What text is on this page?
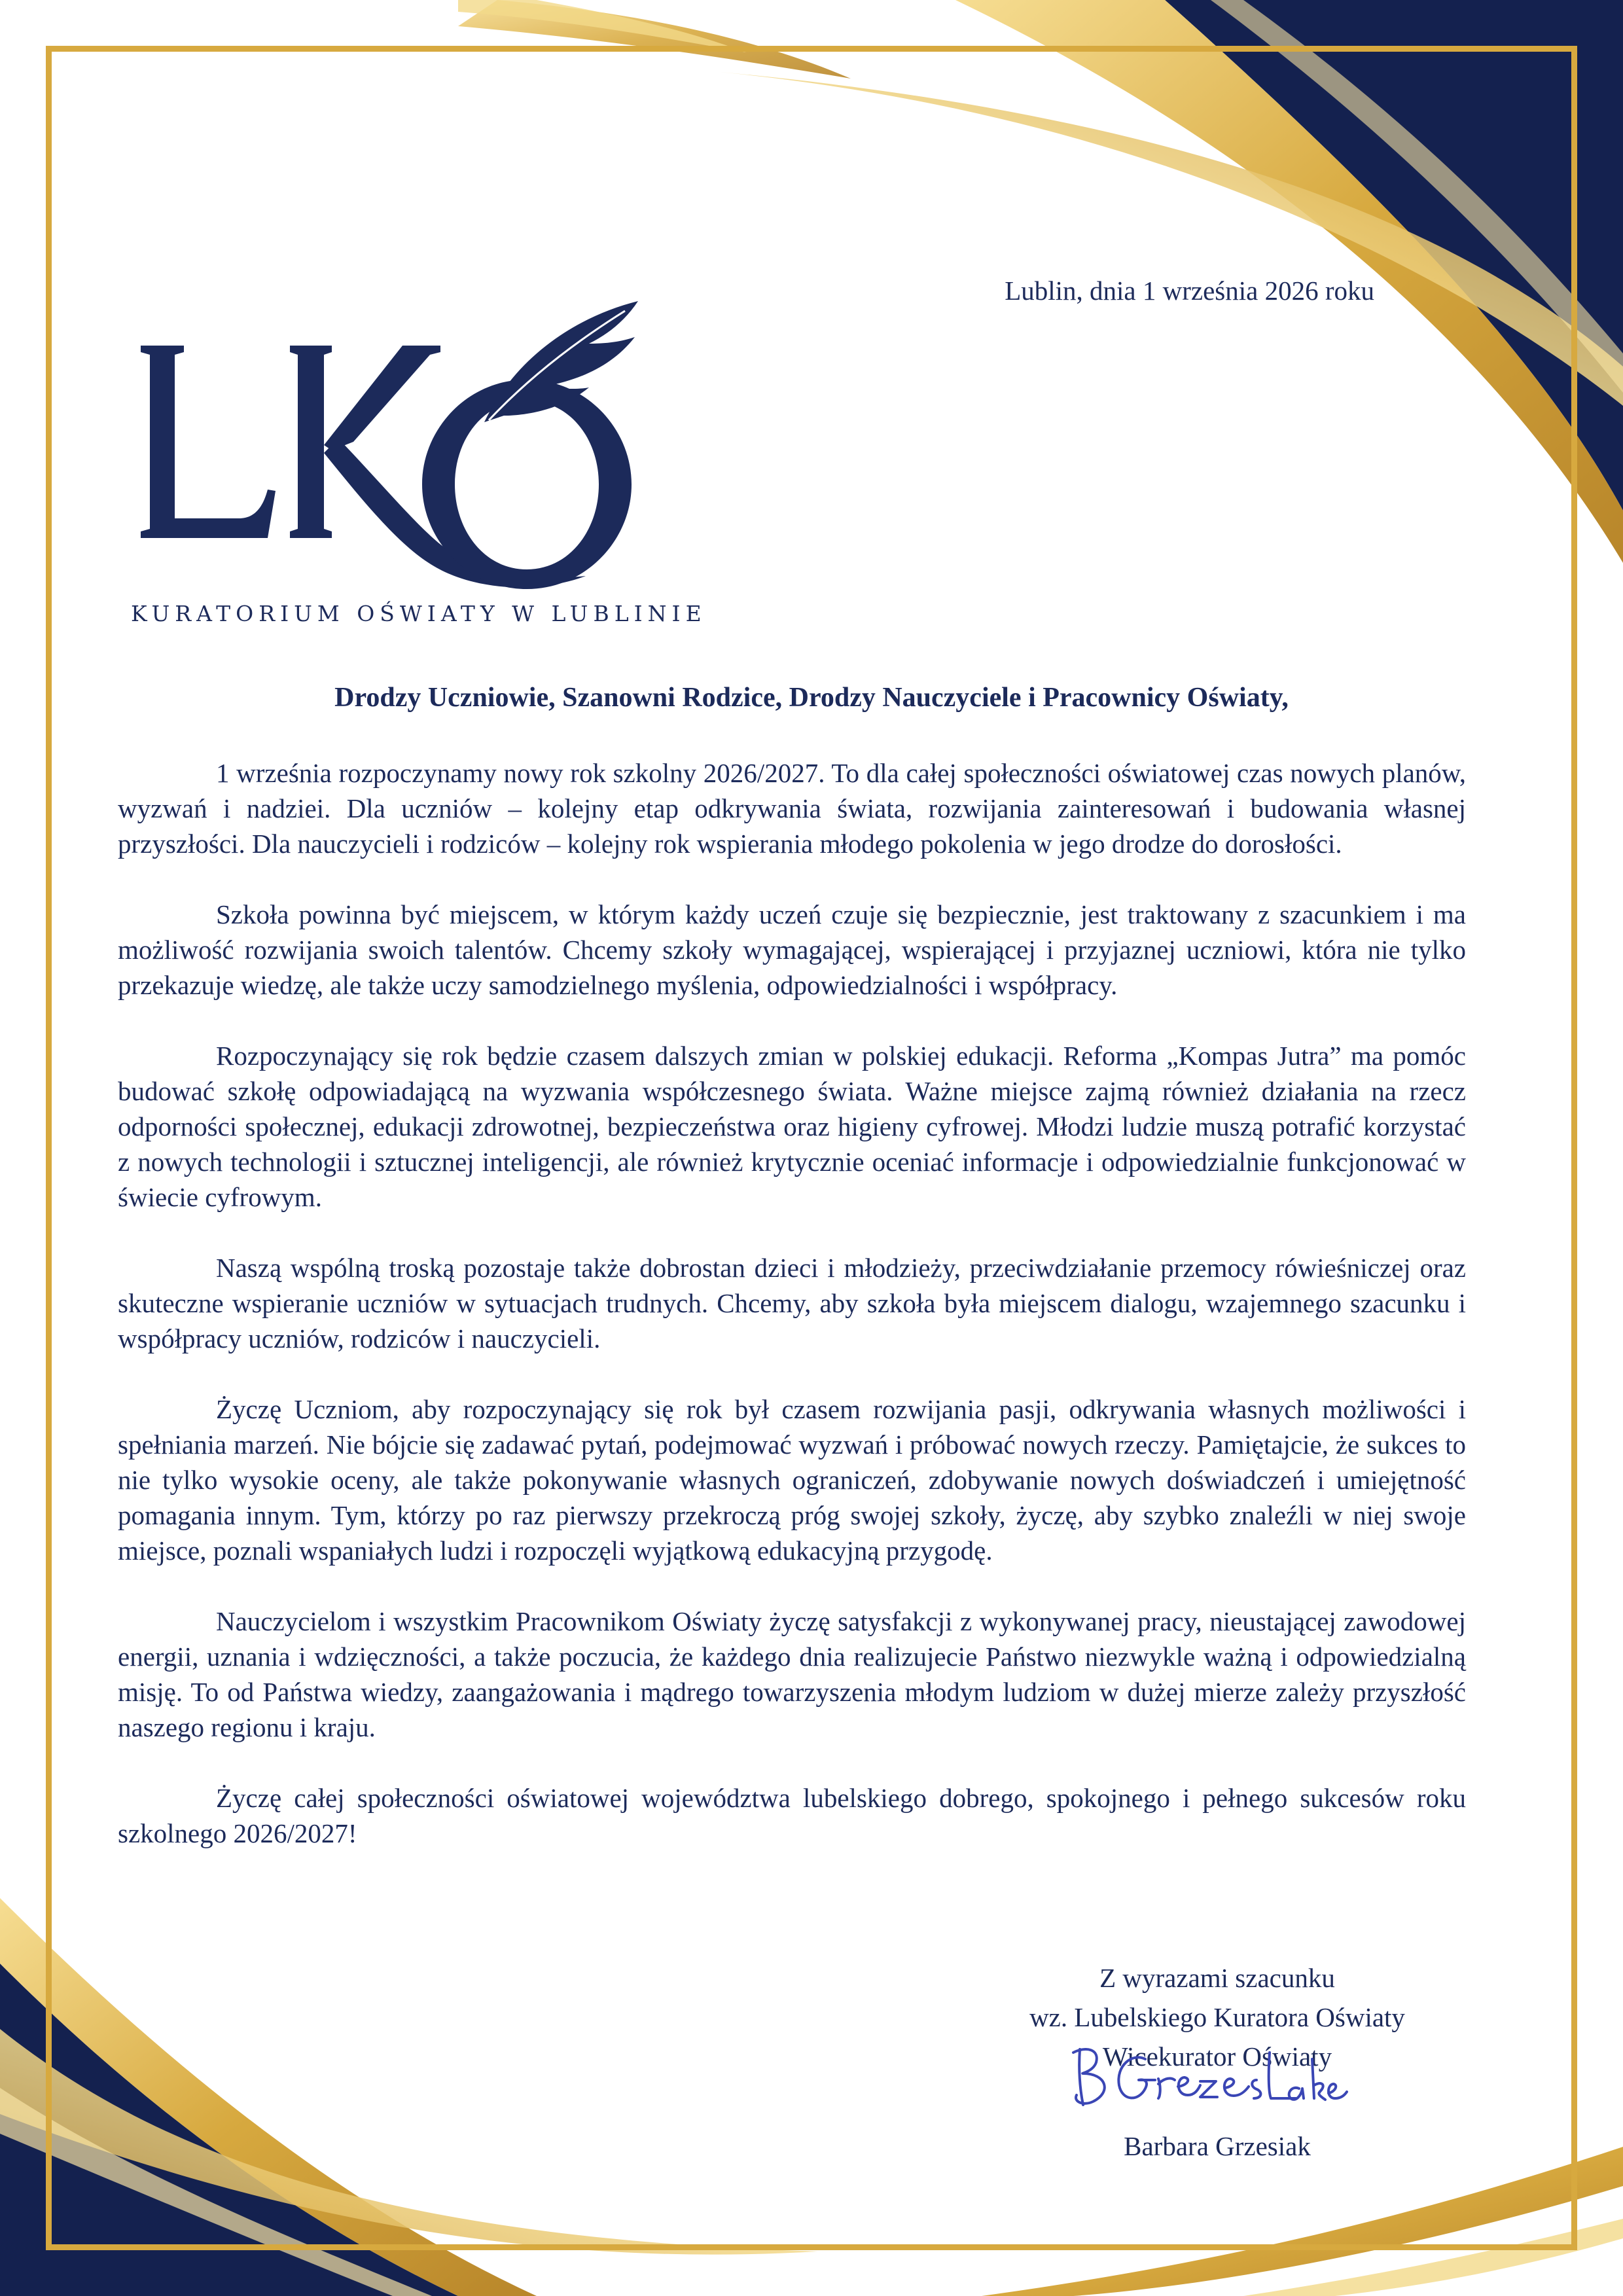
KURATORIUM OŚWIATY W LUBLINIE
Lublin, dnia 1 września 2026 roku
Drodzy Uczniowie, Szanowni Rodzice, Drodzy Nauczyciele i Pracownicy Oświaty,

1 września rozpoczynamy nowy rok szkolny 2026/2027. To dla całej społeczności oświatowej czas nowych planów, wyzwań i nadziei. Dla uczniów – kolejny etap odkrywania świata, rozwijania zainteresowań i budowania własnej przyszłości. Dla nauczycieli i rodziców – kolejny rok wspierania młodego pokolenia w jego drodze do dorosłości.

Szkoła powinna być miejscem, w którym każdy uczeń czuje się bezpiecznie, jest traktowany z szacunkiem i ma możliwość rozwijania swoich talentów. Chcemy szkoły wymagającej, wspierającej i przyjaznej uczniowi, która nie tylko przekazuje wiedzę, ale także uczy samodzielnego myślenia, odpowiedzialności i współpracy.

Rozpoczynający się rok będzie czasem dalszych zmian w polskiej edukacji. Reforma „Kompas Jutra” ma pomóc budować szkołę odpowiadającą na wyzwania współczesnego świata. Ważne miejsce zajmą również działania na rzecz odporności społecznej, edukacji zdrowotnej, bezpieczeństwa oraz higieny cyfrowej. Młodzi ludzie muszą potrafić korzystać z nowych technologii i sztucznej inteligencji, ale również krytycznie oceniać informacje i odpowiedzialnie funkcjonować w świecie cyfrowym.

Naszą wspólną troską pozostaje także dobrostan dzieci i młodzieży, przeciwdziałanie przemocy rówieśniczej oraz skuteczne wspieranie uczniów w sytuacjach trudnych. Chcemy, aby szkoła była miejscem dialogu, wzajemnego szacunku i współpracy uczniów, rodziców i nauczycieli.

Życzę Uczniom, aby rozpoczynający się rok był czasem rozwijania pasji, odkrywania własnych możliwości i spełniania marzeń. Nie bójcie się zadawać pytań, podejmować wyzwań i próbować nowych rzeczy. Pamiętajcie, że sukces to nie tylko wysokie oceny, ale także pokonywanie własnych ograniczeń, zdobywanie nowych doświadczeń i umiejętność pomagania innym. Tym, którzy po raz pierwszy przekroczą próg swojej szkoły, życzę, aby szybko znaleźli w niej swoje miejsce, poznali wspaniałych ludzi i rozpoczęli wyjątkową edukacyjną przygodę.

Nauczycielom i wszystkim Pracownikom Oświaty życzę satysfakcji z wykonywanej pracy, nieustającej zawodowej energii, uznania i wdzięczności, a także poczucia, że każdego dnia realizujecie Państwo niezwykle ważną i odpowiedzialną misję. To od Państwa wiedzy, zaangażowania i mądrego towarzyszenia młodym ludziom w dużej mierze zależy przyszłość naszego regionu i kraju.

Życzę całej społeczności oświatowej województwa lubelskiego dobrego, spokojnego i pełnego sukcesów roku szkolnego 2026/2027!

Z wyrazami szacunku
wz. Lubelskiego Kuratora Oświaty
Wicekurator Oświaty
Barbara Grzesiak
